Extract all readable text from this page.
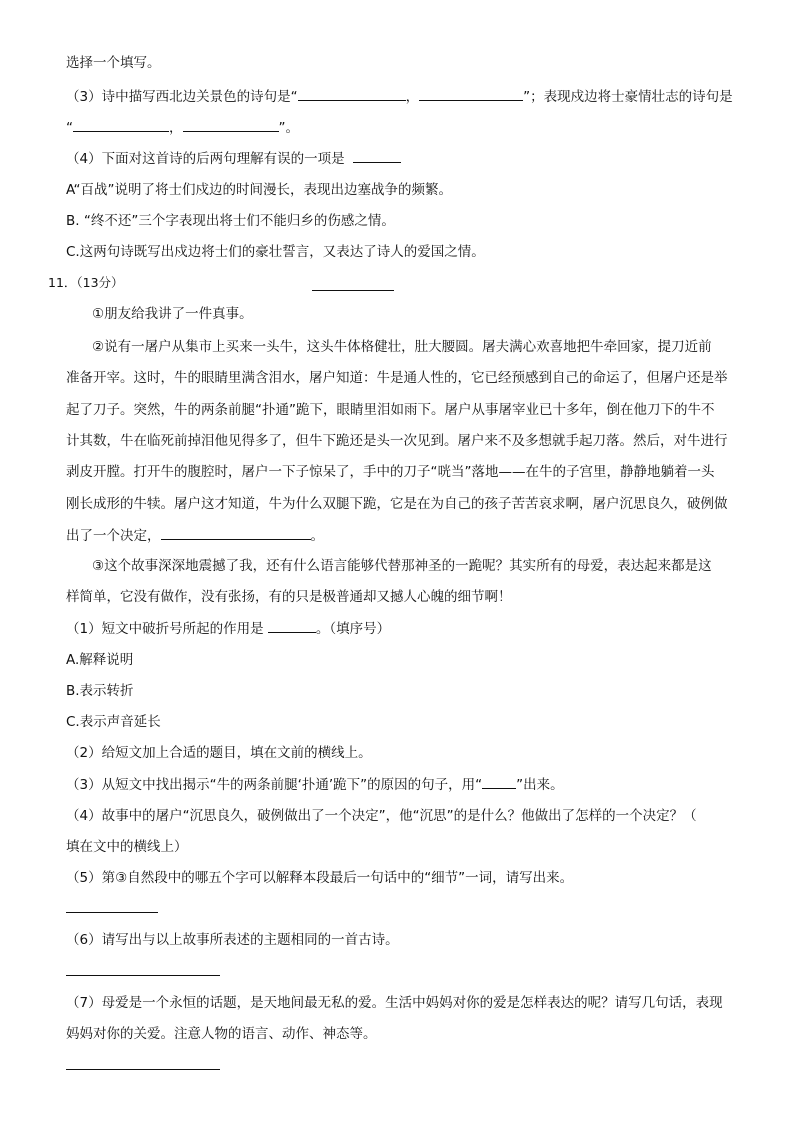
选择一个填写。
（3）诗中描写西北边关景色的诗句是“	，	”；表现戍边将士豪情壮志的诗句是
“	，	”。
（4）下面对这首诗的后两句理解有误的一项是
A“百战”说明了将士们戍边的时间漫长，表现出边塞战争的频繁。
B. “终不还”三个字表现出将士们不能归乡的伤感之情。
C.这两句诗既写出戍边将士们的豪壮誓言，又表达了诗人的爱国之情。
11．（13分）
①朋友给我讲了一件真事。
②说有一屠户从集市上买来一头牛，这头牛体格健壮，肚大腰圆。屠夫满心欢喜地把牛牵回家，提刀近前
准备开宰。这时，牛的眼睛里满含泪水，屠户知道：牛是通人性的，它已经预感到自己的命运了，但屠户还是举
起了刀子。突然，牛的两条前腿“扑通”跪下，眼睛里泪如雨下。屠户从事屠宰业已十多年，倒在他刀下的牛不
计其数，牛在临死前掉泪他见得多了，但牛下跪还是头一次见到。屠户来不及多想就手起刀落。然后，对牛进行
剥皮开膛。打开牛的腹腔时，屠户一下子惊呆了，手中的刀子“咣当”落地——在牛的子宫里，静静地躺着一头
刚长成形的牛犊。屠户这才知道，牛为什么双腿下跪，它是在为自己的孩子苦苦哀求啊，屠户沉思良久，破例做
出了一个决定，	。
③这个故事深深地震撼了我，还有什么语言能够代替那神圣的一跪呢？其实所有的母爱，表达起来都是这
样简单，它没有做作，没有张扬，有的只是极普通却又撼人心魄的细节啊！
（1）短文中破折号所起的作用是	。（填序号）
A.解释说明
B.表示转折
C.表示声音延长
（2）给短文加上合适的题目，填在文前的横线上。
（3）从短文中找出揭示“牛的两条前腿‘扑通’跪下”的原因的句子，用“	”出来。
（4）故事中的屠户“沉思良久，破例做出了一个决定”，他“沉思”的是什么？他做出了怎样的一个决定？（
填在文中的横线上）
（5）第③自然段中的哪五个字可以解释本段最后一句话中的“细节”一词，请写出来。
（6）请写出与以上故事所表述的主题相同的一首古诗。
（7）母爱是一个永恒的话题，是天地间最无私的爱。生活中妈妈对你的爱是怎样表达的呢？请写几句话，表现
妈妈对你的关爱。注意人物的语言、动作、神态等。
